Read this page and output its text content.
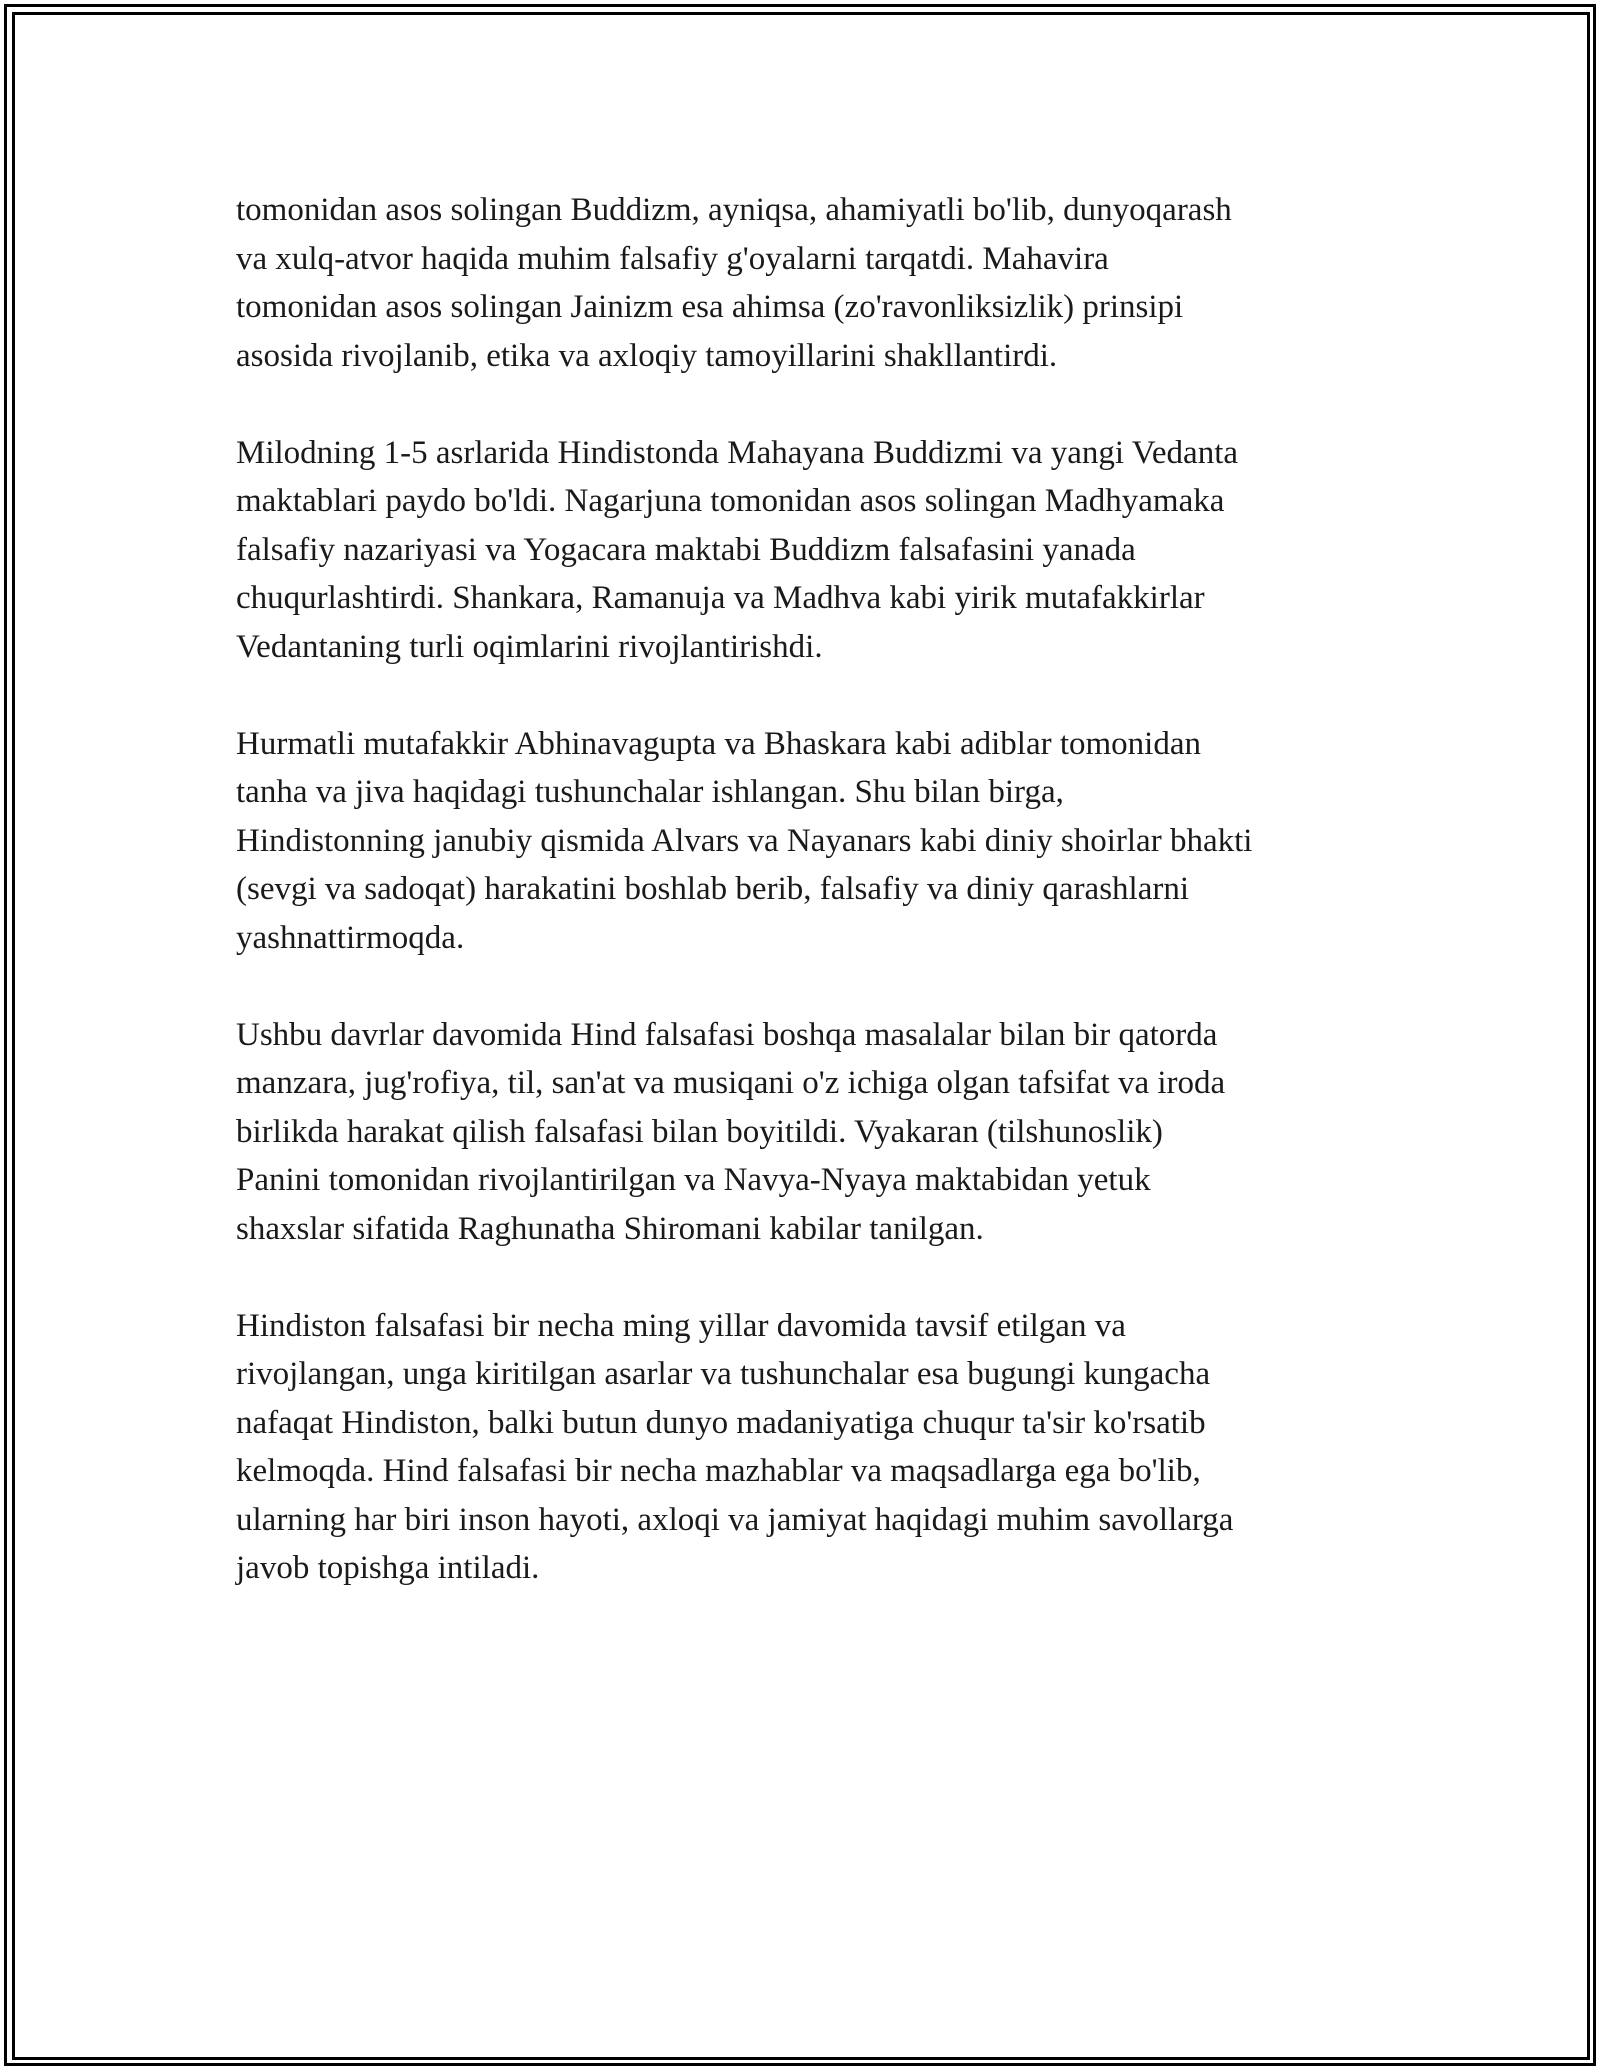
tomonidan asos solingan Buddizm, ayniqsa, ahamiyatli bo'lib, dunyoqarash
va xulq-atvor haqida muhim falsafiy g'oyalarni tarqatdi. Mahavira
tomonidan asos solingan Jainizm esa ahimsa (zo'ravonliksizlik) prinsipi
asosida rivojlanib, etika va axloqiy tamoyillarini shakllantirdi.

Milodning 1-5 asrlarida Hindistonda Mahayana Buddizmi va yangi Vedanta
maktablari paydo bo'ldi. Nagarjuna tomonidan asos solingan Madhyamaka
falsafiy nazariyasi va Yogacara maktabi Buddizm falsafasini yanada
chuqurlashtirdi. Shankara, Ramanuja va Madhva kabi yirik mutafakkirlar
Vedantaning turli oqimlarini rivojlantirishdi.

Hurmatli mutafakkir Abhinavagupta va Bhaskara kabi adiblar tomonidan
tanha va jiva haqidagi tushunchalar ishlangan. Shu bilan birga,
Hindistonning janubiy qismida Alvars va Nayanars kabi diniy shoirlar bhakti
(sevgi va sadoqat) harakatini boshlab berib, falsafiy va diniy qarashlarni
yashnattirmoqda.

Ushbu davrlar davomida Hind falsafasi boshqa masalalar bilan bir qatorda
manzara, jug'rofiya, til, san'at va musiqani o'z ichiga olgan tafsifat va iroda
birlikda harakat qilish falsafasi bilan boyitildi. Vyakaran (tilshunoslik)
Panini tomonidan rivojlantirilgan va Navya-Nyaya maktabidan yetuk
shaxslar sifatida Raghunatha Shiromani kabilar tanilgan.

Hindiston falsafasi bir necha ming yillar davomida tavsif etilgan va
rivojlangan, unga kiritilgan asarlar va tushunchalar esa bugungi kungacha
nafaqat Hindiston, balki butun dunyo madaniyatiga chuqur ta'sir ko'rsatib
kelmoqda. Hind falsafasi bir necha mazhablar va maqsadlarga ega bo'lib,
ularning har biri inson hayoti, axloqi va jamiyat haqidagi muhim savollarga
javob topishga intiladi.
